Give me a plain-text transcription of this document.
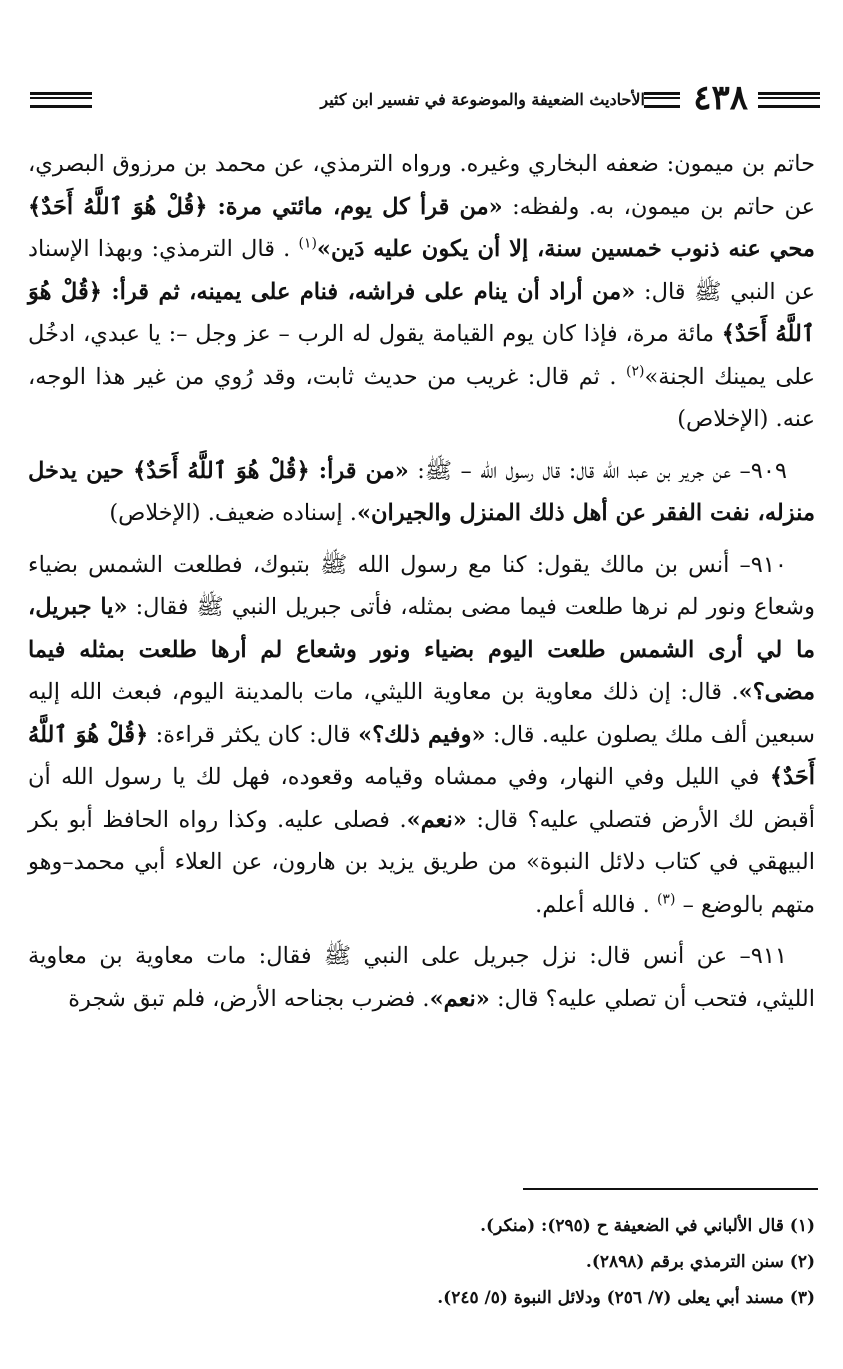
٤٣٨
الأحاديث الضعيفة والموضوعة في تفسير ابن كثير

حاتم بن ميمون: ضعفه البخاري وغيره. ورواه الترمذي، عن محمد بن مرزوق البصري، عن حاتم بن ميمون، به. ولفظه: «من قرأ كل يوم، مائتي مرة: ﴿قُلْ هُوَ ٱللَّهُ أَحَدٌ﴾ محي عنه ذنوب خمسين سنة، إلا أن يكون عليه دَين»$^{(١)}$ . قال الترمذي: وبهذا الإسناد عن النبي ﷺ قال: «من أراد أن ينام على فراشه، فنام على يمينه، ثم قرأ: ﴿قُلْ هُوَ ٱللَّهُ أَحَدٌ﴾ مائة مرة، فإذا كان يوم القيامة يقول له الرب – عز وجل –: يا عبدي، ادخُل على يمينك الجنة»$^{(٢)}$ . ثم قال: غريب من حديث ثابت، وقد رُوي من غير هذا الوجه، عنه. (الإخلاص)

٩٠٩– عن جرير بن عبد الله قال: قال رسول الله – ﷺ: «من قرأ: ﴿قُلْ هُوَ ٱللَّهُ أَحَدٌ﴾ حين يدخل منزله، نفت الفقر عن أهل ذلك المنزل والجيران». إسناده ضعيف. (الإخلاص)

٩١٠– أنس بن مالك يقول: كنا مع رسول الله ﷺ بتبوك، فطلعت الشمس بضياء وشعاع ونور لم نرها طلعت فيما مضى بمثله، فأتى جبريل النبي ﷺ فقال: «يا جبريل، ما لي أرى الشمس طلعت اليوم بضياء ونور وشعاع لم أرها طلعت بمثله فيما مضى؟». قال: إن ذلك معاوية بن معاوية الليثي، مات بالمدينة اليوم، فبعث الله إليه سبعين ألف ملك يصلون عليه. قال: «وفيم ذلك؟» قال: كان يكثر قراءة: ﴿قُلْ هُوَ ٱللَّهُ أَحَدٌ﴾ في الليل وفي النهار، وفي ممشاه وقيامه وقعوده، فهل لك يا رسول الله أن أقبض لك الأرض فتصلي عليه؟ قال: «نعم». فصلى عليه. وكذا رواه الحافظ أبو بكر البيهقي في كتاب دلائل النبوة» من طريق يزيد بن هارون، عن العلاء أبي محمد–وهو متهم بالوضع – $^{(٣)}$ . فالله أعلم.

٩١١– عن أنس قال: نزل جبريل على النبي ﷺ فقال: مات معاوية بن معاوية الليثي، فتحب أن تصلي عليه؟ قال: «نعم». فضرب بجناحه الأرض، فلم تبق شجرة

(١) قال الألباني في الضعيفة ح (٢٩٥): (منكر).
(٢) سنن الترمذي برقم (٢٨٩٨).
(٣) مسند أبي يعلى (٧/ ٢٥٦) ودلائل النبوة (٥/ ٢٤٥).
